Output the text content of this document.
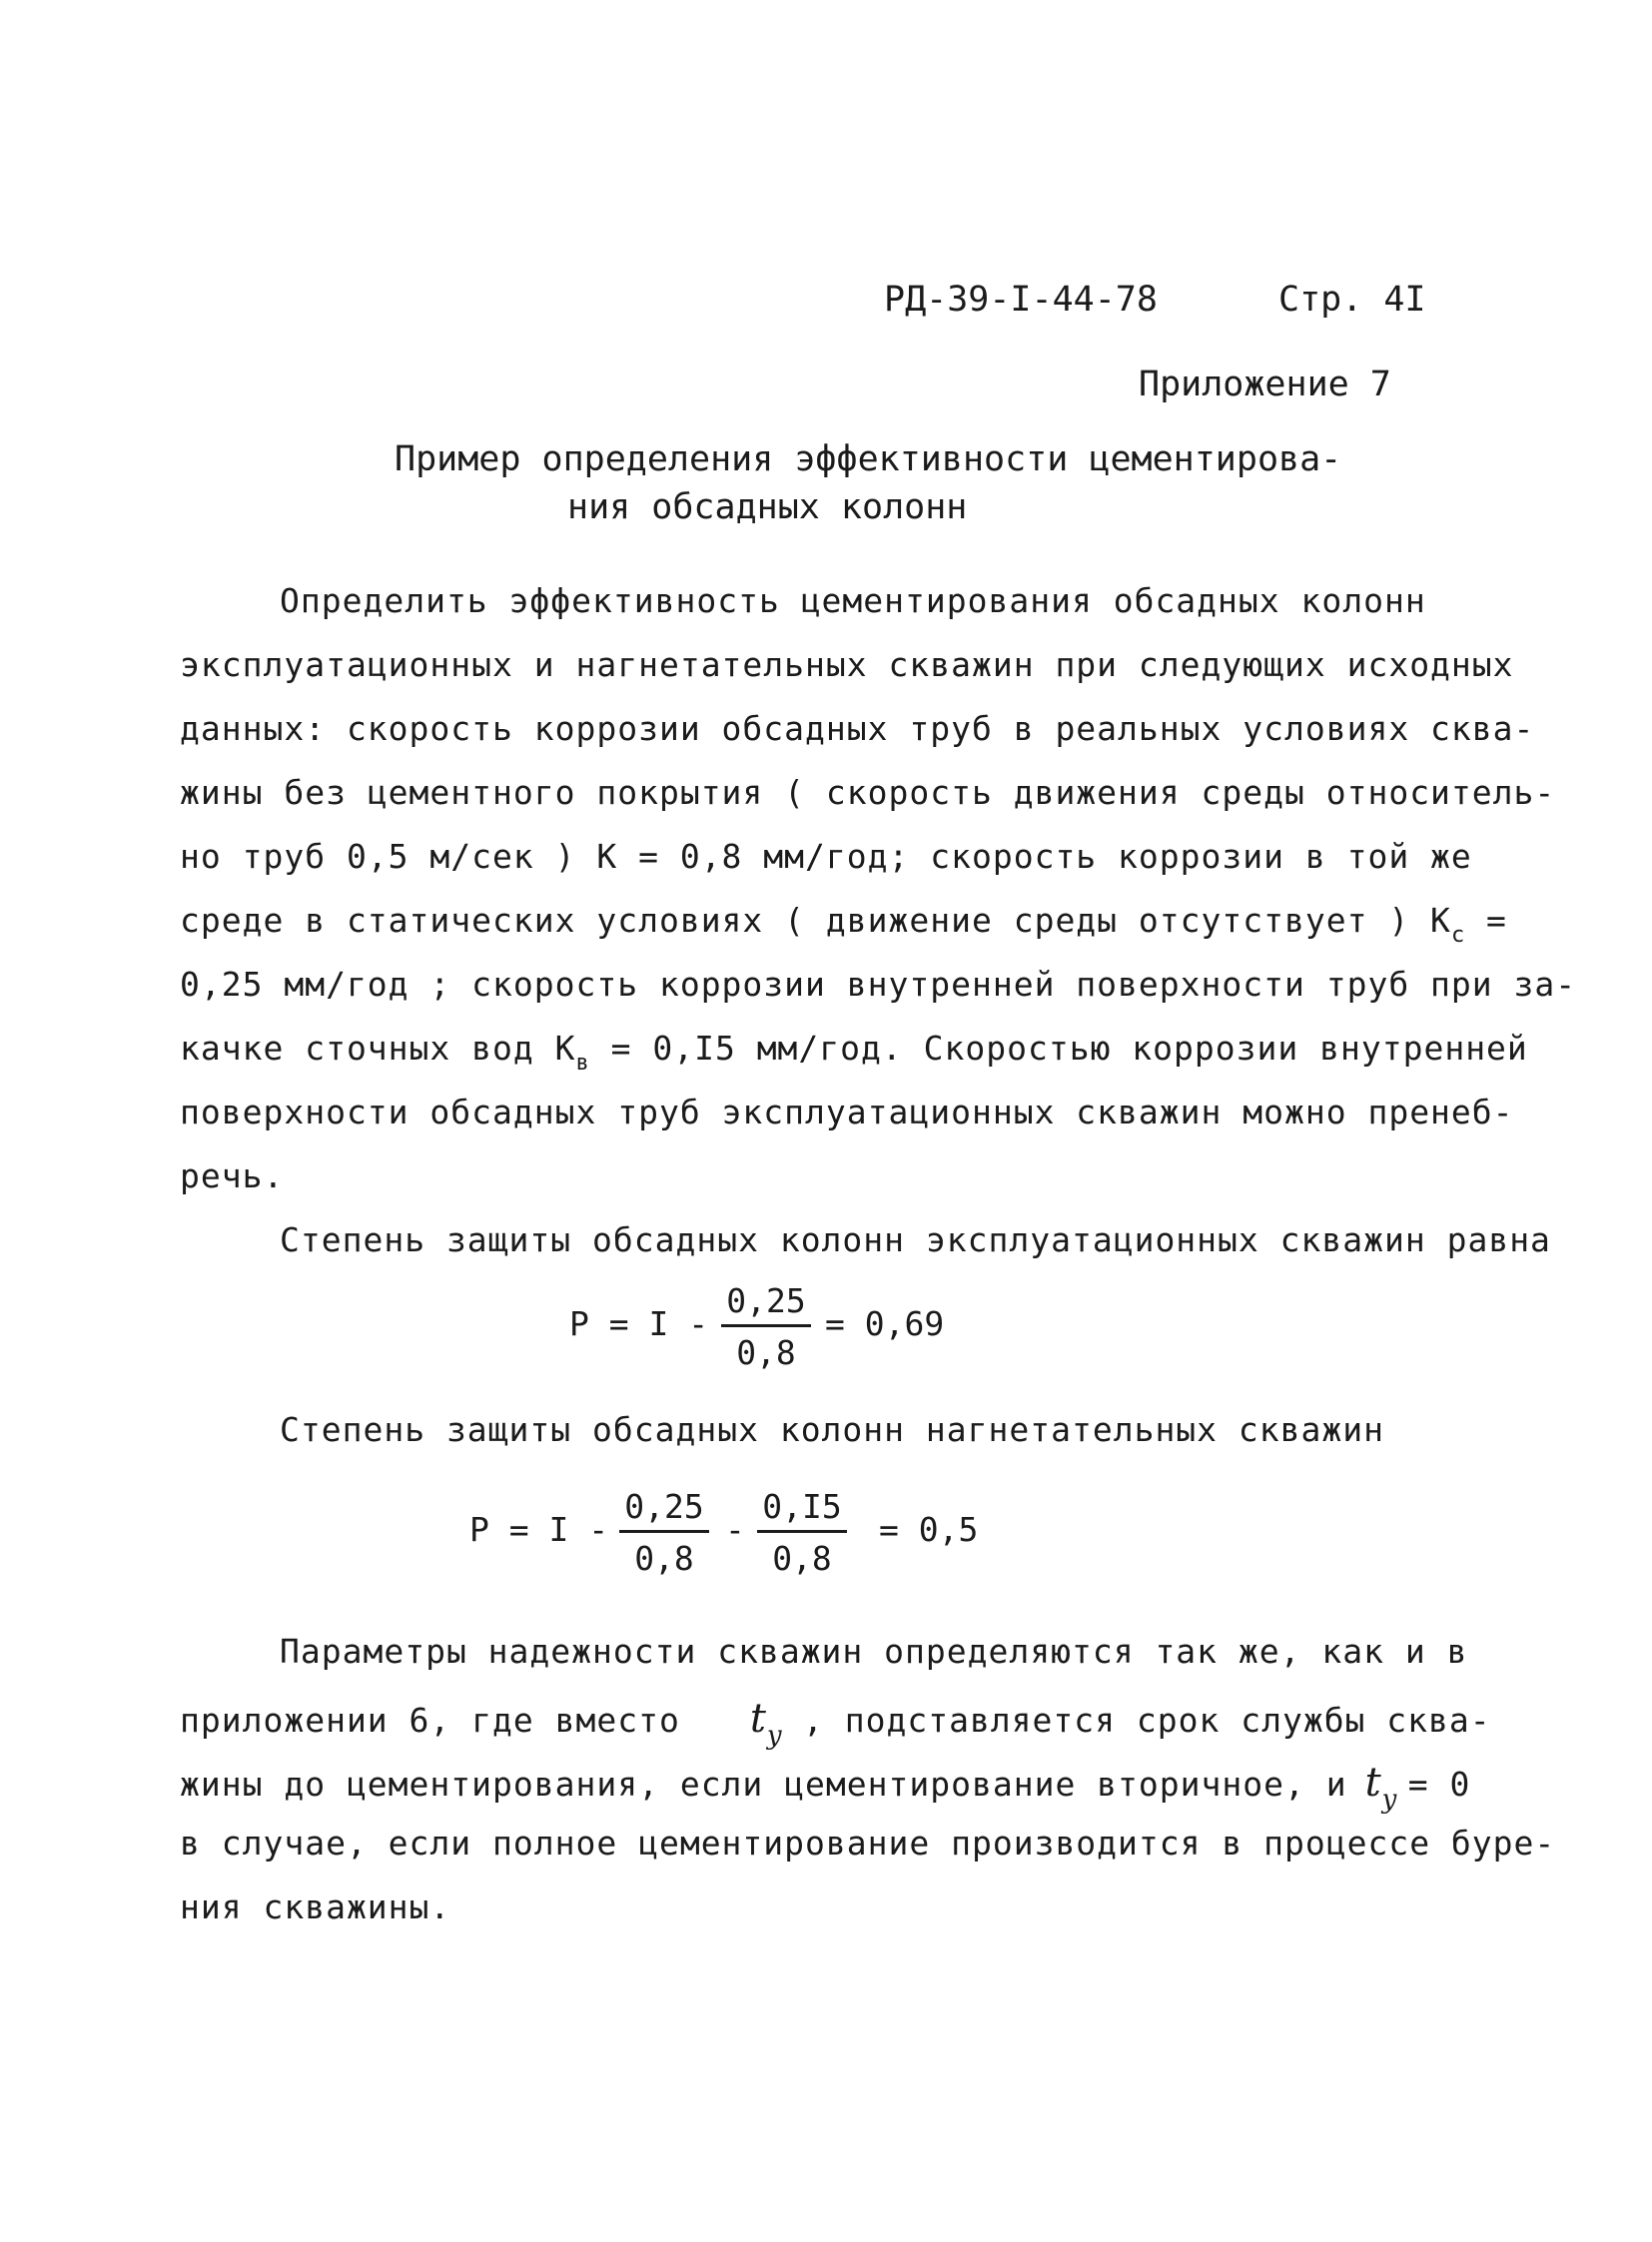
РД-39-I-44-78	Стр. 4I
Приложение 7
Пример определения эффективности цементирова-
ния обсадных колонн
Определить эффективность цементирования обсадных колонн
эксплуатационных и нагнетательных скважин при следующих исходных
данных: скорость коррозии обсадных труб в реальных условиях сква-
жины без цементного покрытия ( скорость движения среды относитель-
но труб 0,5 м/сек ) К = 0,8 мм/год; скорость коррозии в той же
среде в статических условиях ( движение среды отсутствует ) $К_с$ =
0,25 мм/год ; скорость коррозии внутренней поверхности труб при за-
качке сточных вод $К_в = 0,I5$ мм/год. Скоростью коррозии внутренней
поверхности обсадных труб эксплуатационных скважин можно пренеб-
речь.
Степень защиты обсадных колонн эксплуатационных скважин равна
$P = I - \frac{0,25}{0,8} = 0,69$
Степень защиты обсадных колонн нагнетательных скважин
$P = I - \frac{0,25}{0,8} - \frac{0,I5}{0,8} = 0,5$
Параметры надежности скважин определяются так же, как и в
приложении 6, где вместо $t_у$ , подставляется срок службы сква-
жины до цементирования, если цементирование вторичное, и $t_у = 0$
в случае, если полное цементирование производится в процессе буре-
ния скважины.
